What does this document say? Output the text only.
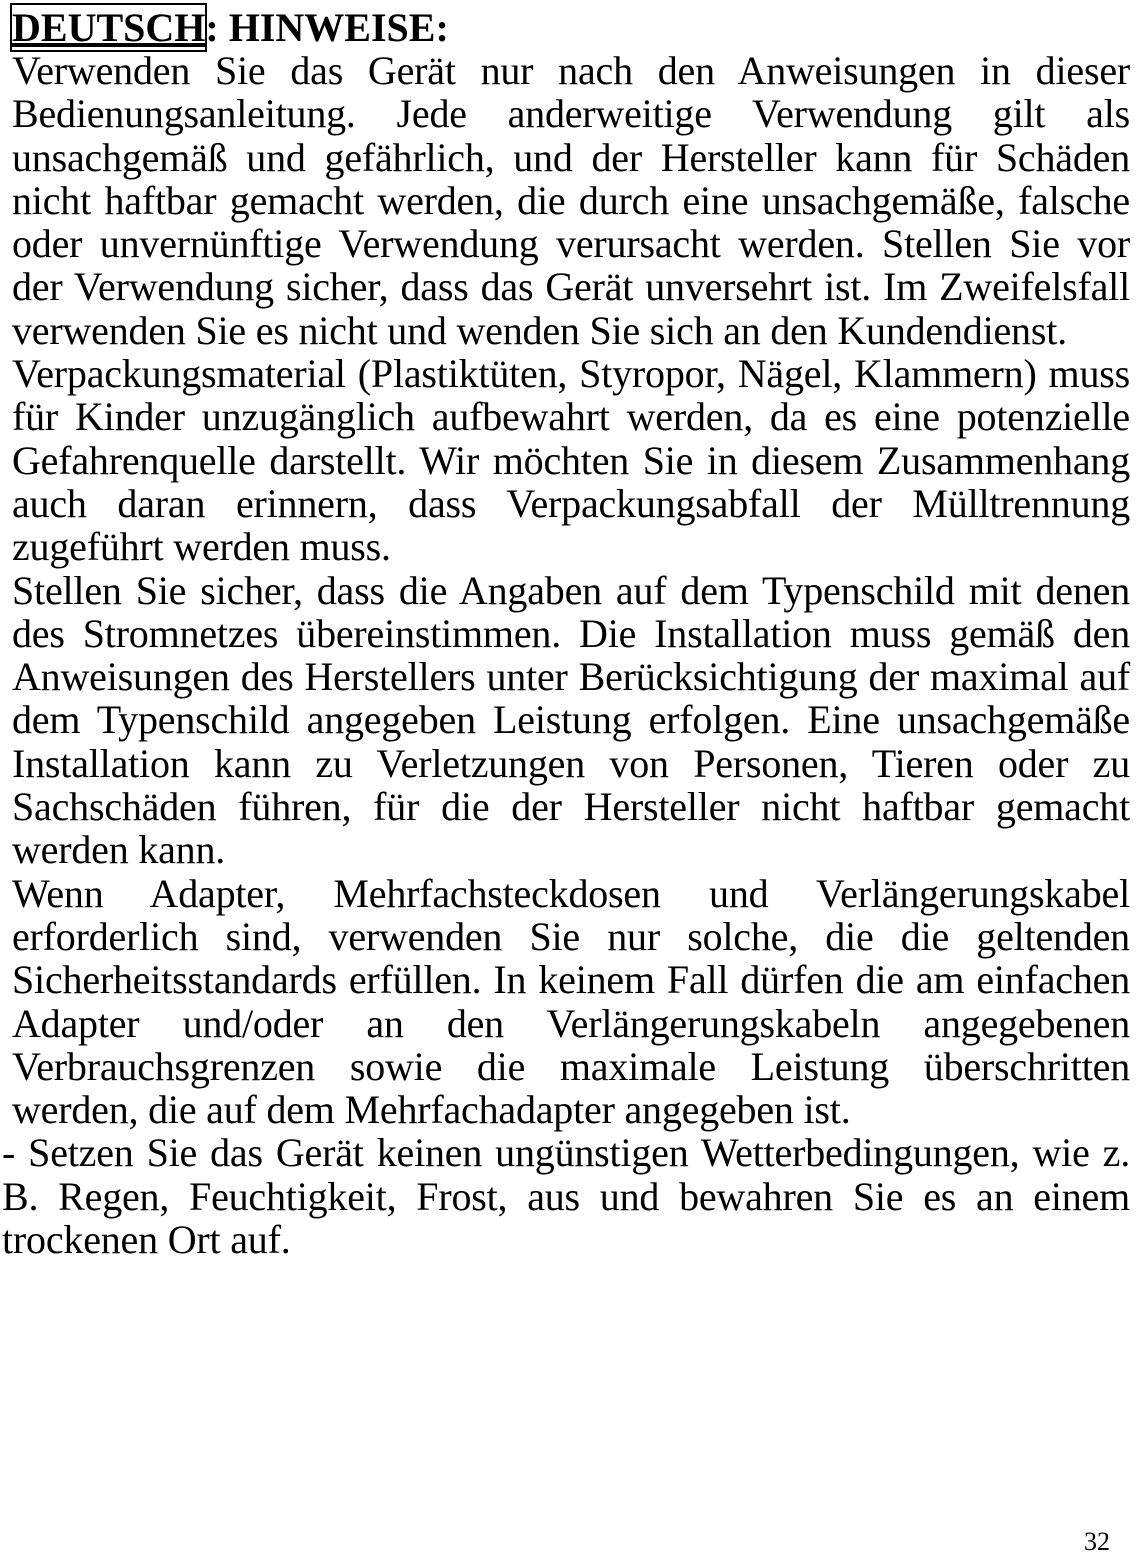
DEUTSCH: HINWEISE:

Verwenden Sie das Gerät nur nach den Anweisungen in dieser Bedienungsanleitung. Jede anderweitige Verwendung gilt als unsachgemäß und gefährlich, und der Hersteller kann für Schäden nicht haftbar gemacht werden, die durch eine unsachgemäße, falsche oder unvernünftige Verwendung verursacht werden. Stellen Sie vor der Verwendung sicher, dass das Gerät unversehrt ist. Im Zweifelsfall verwenden Sie es nicht und wenden Sie sich an den Kundendienst.

Verpackungsmaterial (Plastiktüten, Styropor, Nägel, Klammern) muss für Kinder unzugänglich aufbewahrt werden, da es eine potenzielle Gefahrenquelle darstellt. Wir möchten Sie in diesem Zusammenhang auch daran erinnern, dass Verpackungsabfall der Mülltrennung zugeführt werden muss.

Stellen Sie sicher, dass die Angaben auf dem Typenschild mit denen des Stromnetzes übereinstimmen. Die Installation muss gemäß den Anweisungen des Herstellers unter Berücksichtigung der maximal auf dem Typenschild angegeben Leistung erfolgen. Eine unsachgemäße Installation kann zu Verletzungen von Personen, Tieren oder zu Sachschäden führen, für die der Hersteller nicht haftbar gemacht werden kann.

Wenn Adapter, Mehrfachsteckdosen und Verlängerungskabel erforderlich sind, verwenden Sie nur solche, die die geltenden Sicherheitsstandards erfüllen. In keinem Fall dürfen die am einfachen Adapter und/oder an den Verlängerungskabeln angegebenen Verbrauchsgrenzen sowie die maximale Leistung überschritten werden, die auf dem Mehrfachadapter angegeben ist.

- Setzen Sie das Gerät keinen ungünstigen Wetterbedingungen, wie z. B. Regen, Feuchtigkeit, Frost, aus und bewahren Sie es an einem trockenen Ort auf.

32
